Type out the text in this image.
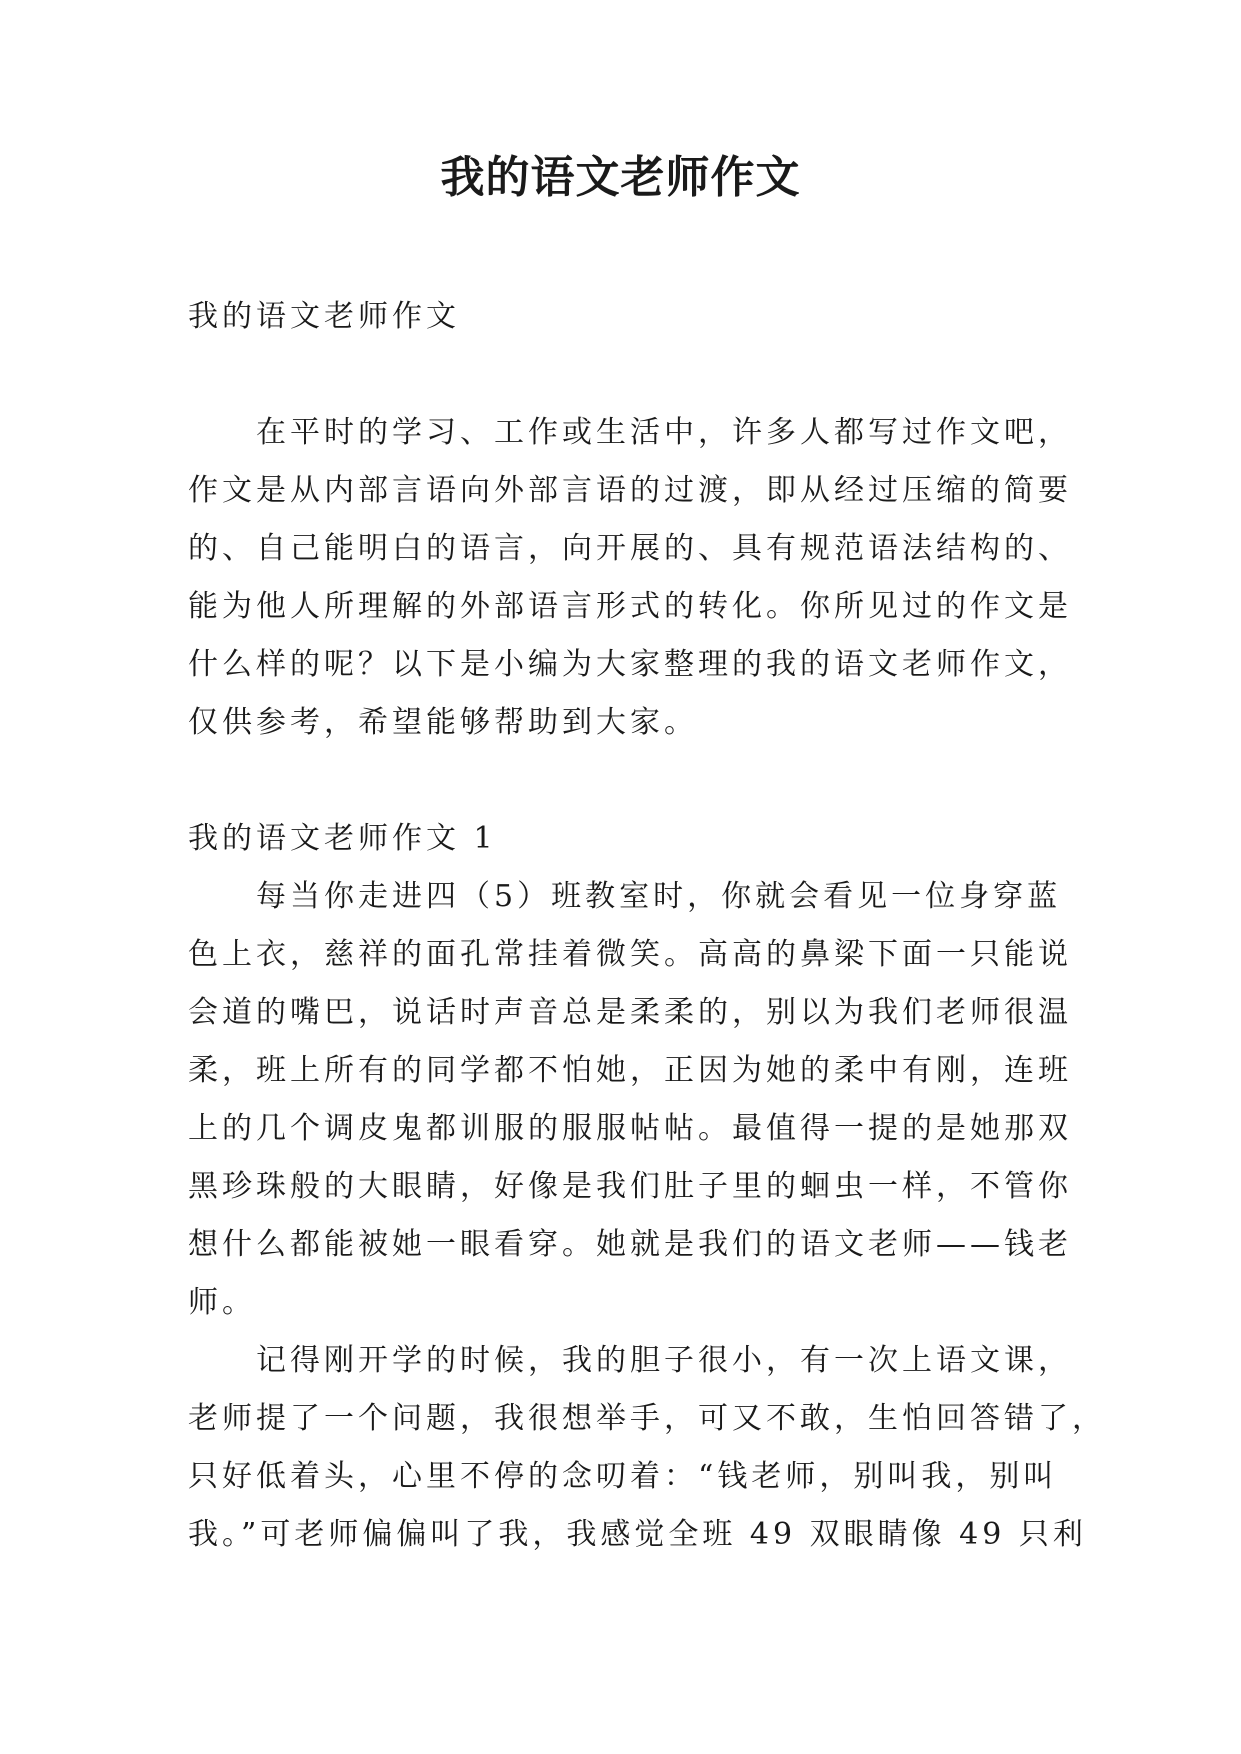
我的语文老师作文
我的语文老师作文
在平时的学习、工作或生活中，许多人都写过作文吧，
作文是从内部言语向外部言语的过渡，即从经过压缩的简要
的、自己能明白的语言，向开展的、具有规范语法结构的、
能为他人所理解的外部语言形式的转化。你所见过的作文是
什么样的呢？以下是小编为大家整理的我的语文老师作文，
仅供参考，希望能够帮助到大家。
我的语文老师作文 1
每当你走进四（5）班教室时，你就会看见一位身穿蓝
色上衣，慈祥的面孔常挂着微笑。高高的鼻梁下面一只能说
会道的嘴巴，说话时声音总是柔柔的，别以为我们老师很温
柔，班上所有的同学都不怕她，正因为她的柔中有刚，连班
上的几个调皮鬼都训服的服服帖帖。最值得一提的是她那双
黑珍珠般的大眼睛，好像是我们肚子里的蛔虫一样，不管你
想什么都能被她一眼看穿。她就是我们的语文老师——钱老
师。
记得刚开学的时候，我的胆子很小，有一次上语文课，
老师提了一个问题，我很想举手，可又不敢，生怕回答错了，
只好低着头，心里不停的念叨着：“钱老师，别叫我，别叫
我。”可老师偏偏叫了我，我感觉全班 49 双眼睛像 49 只利
